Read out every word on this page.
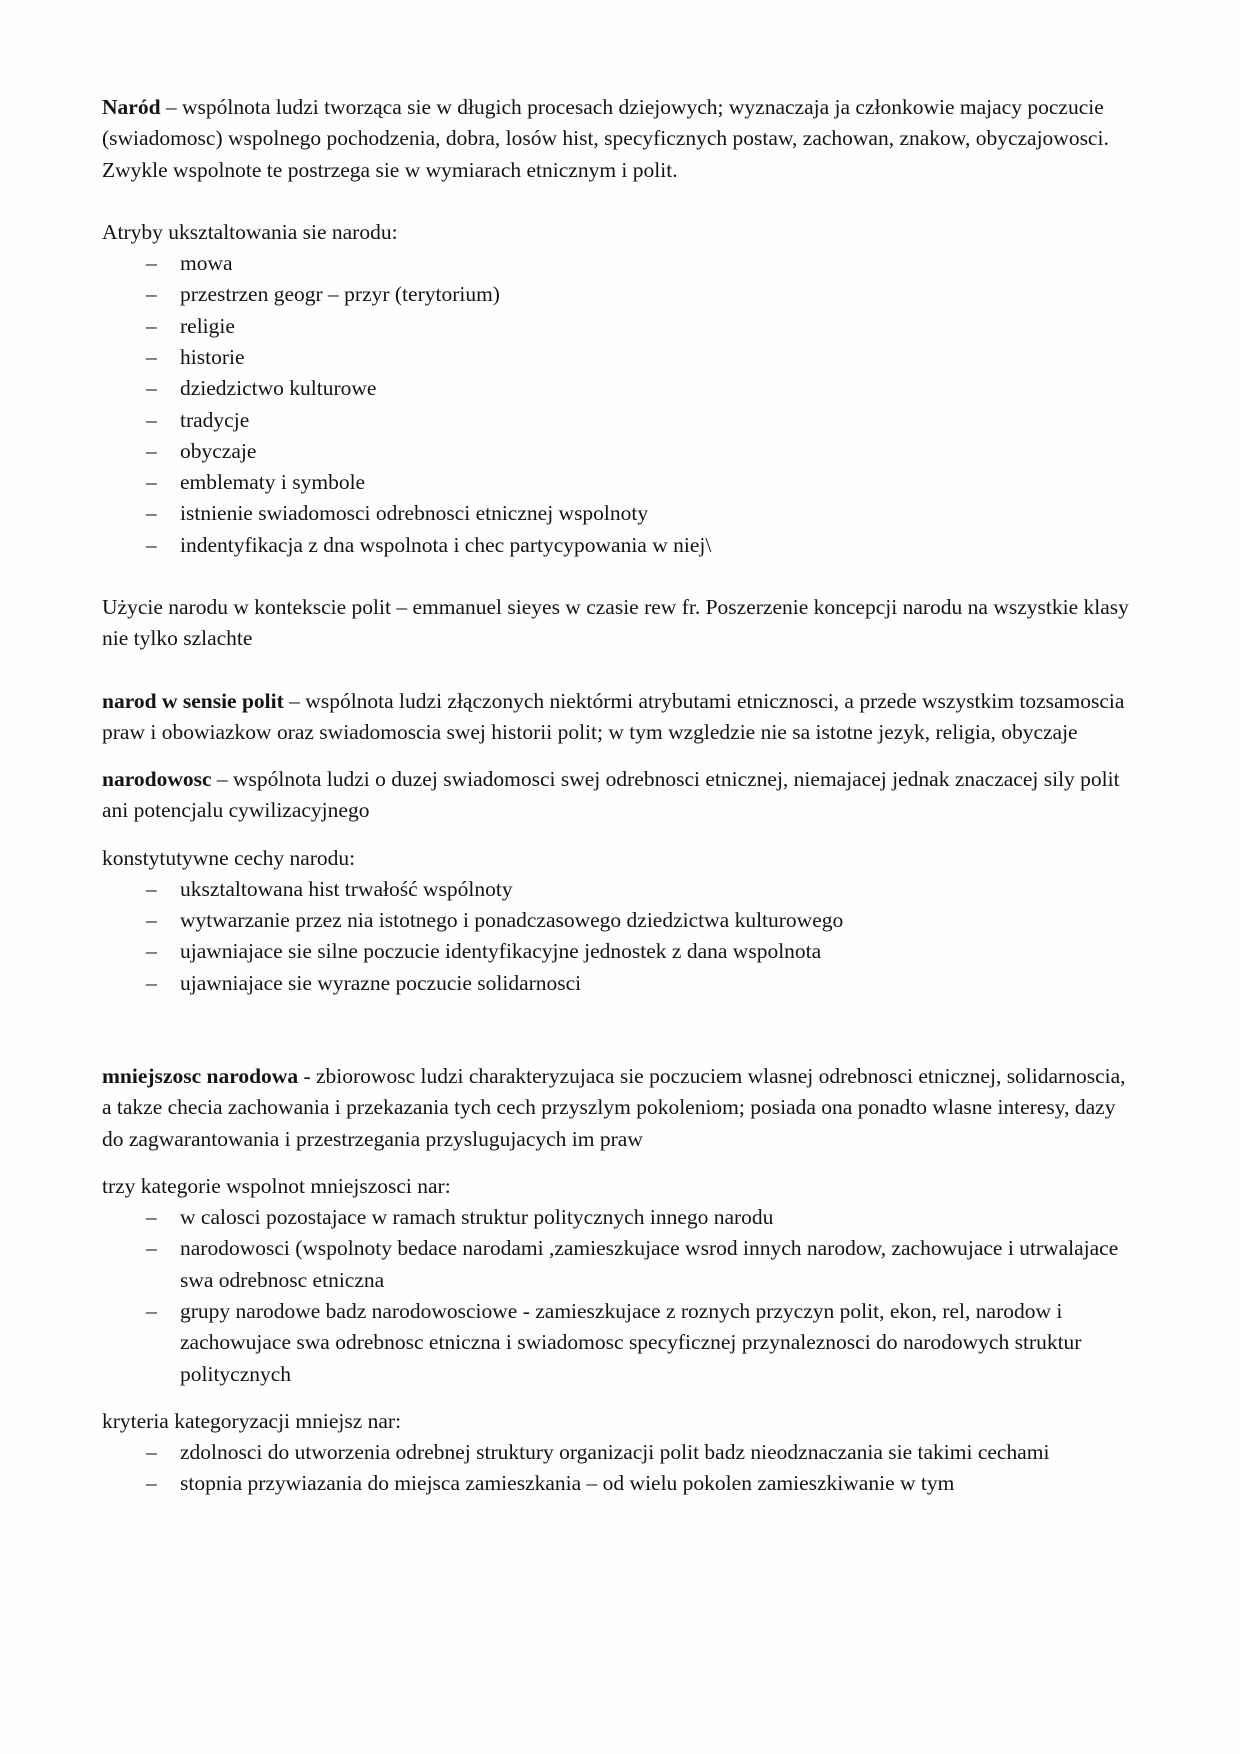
Naród – wspólnota ludzi tworząca sie w długich procesach dziejowych; wyznaczaja ja członkowie majacy poczucie (swiadomosc) wspolnego pochodzenia, dobra, losów hist, specyficznych postaw, zachowan, znakow, obyczajowosci. Zwykle wspolnote te postrzega sie w wymiarach etnicznym i polit.

Atryby uksztaltowania sie narodu:

–	mowa
–	przestrzen geogr – przyr (terytorium)
–	religie
–	historie
–	dziedzictwo kulturowe
–	tradycje
–	obyczaje
–	emblematy i symbole
–	istnienie swiadomosci odrebnosci etnicznej wspolnoty
–	indentyfikacja z dna wspolnota i chec partycypowania w niej\

Użycie narodu w kontekscie polit – emmanuel sieyes w czasie rew fr. Poszerzenie koncepcji narodu na wszystkie klasy nie tylko szlachte

narod w sensie polit – wspólnota ludzi złączonych niektórmi atrybutami etnicznosci, a przede wszystkim tozsamoscia praw i obowiazkow oraz swiadomoscia swej historii polit; w tym wzgledzie nie sa istotne jezyk, religia, obyczaje

narodowosc – wspólnota ludzi o duzej swiadomosci swej odrebnosci etnicznej, niemajacej jednak znaczacej sily polit ani potencjalu cywilizacyjnego

konstytutywne cechy narodu:

–	uksztaltowana hist trwałość wspólnoty
–	wytwarzanie przez nia istotnego i ponadczasowego dziedzictwa kulturowego
–	ujawniajace sie silne poczucie identyfikacyjne jednostek z dana wspolnota
–	ujawniajace sie wyrazne poczucie solidarnosci

mniejszosc narodowa - zbiorowosc ludzi charakteryzujaca sie poczuciem wlasnej odrebnosci etnicznej, solidarnoscia, a takze checia zachowania i przekazania tych cech przyszlym pokoleniom; posiada ona ponadto wlasne interesy, dazy do zagwarantowania i przestrzegania przyslugujacych im praw

trzy kategorie wspolnot mniejszosci nar:

–	w calosci pozostajace w ramach struktur politycznych innego narodu
–	narodowosci (wspolnoty bedace narodami ,zamieszkujace wsrod innych narodow, zachowujace i utrwalajace swa odrebnosc etniczna
–	grupy narodowe badz narodowosciowe - zamieszkujace z roznych przyczyn polit, ekon, rel, narodow i zachowujace swa odrebnosc etniczna i swiadomosc specyficznej przynaleznosci do narodowych struktur politycznych

kryteria kategoryzacji mniejsz nar:

–	zdolnosci do utworzenia odrebnej struktury organizacji polit badz nieodznaczania sie takimi cechami
–	stopnia przywiazania do miejsca zamieszkania – od wielu pokolen zamieszkiwanie w tym
